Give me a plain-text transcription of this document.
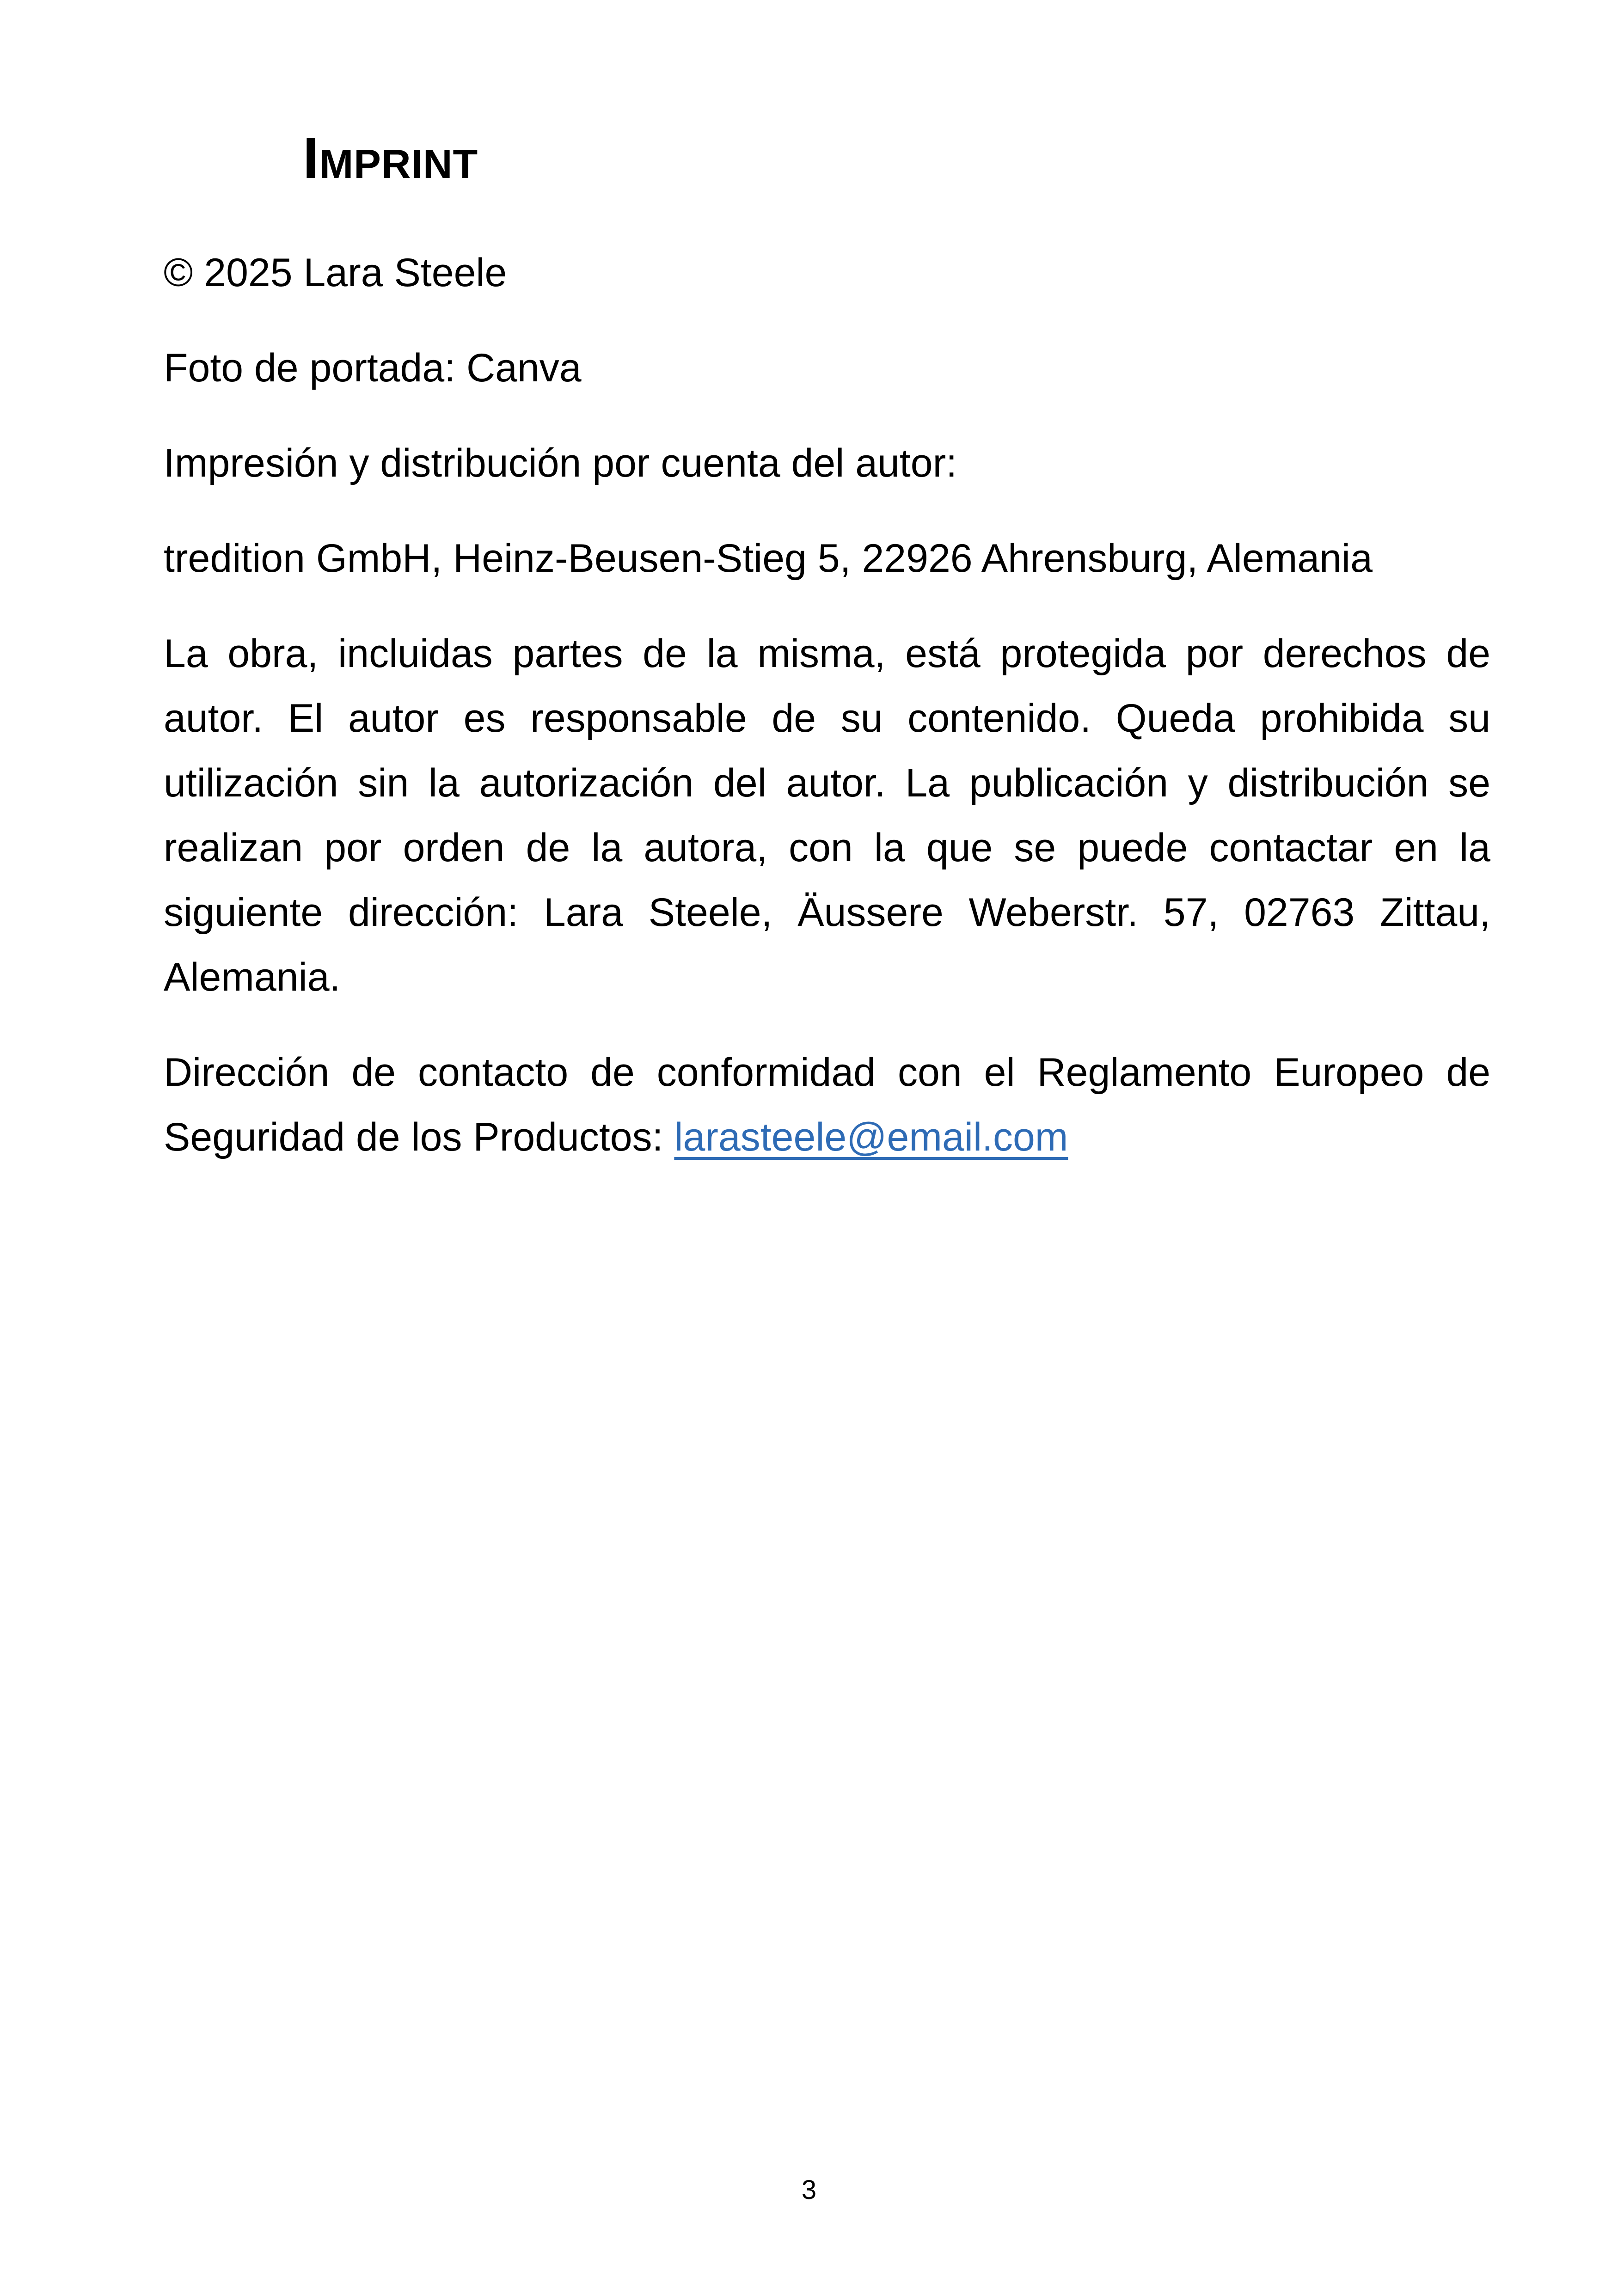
Imprint

© 2025 Lara Steele

Foto de portada: Canva

Impresión y distribución por cuenta del autor:

tredition GmbH, Heinz-Beusen-Stieg 5, 22926 Ahrensburg, Alemania

La obra, incluidas partes de la misma, está protegida por derechos de autor. El autor es responsable de su contenido. Queda prohibida su utilización sin la autorización del autor. La publicación y distribución se realizan por orden de la autora, con la que se puede contactar en la siguiente dirección: Lara Steele, Äussere Weberstr. 57, 02763 Zittau, Alemania.

Dirección de contacto de conformidad con el Reglamento Europeo de Seguridad de los Productos: larasteele@email.com

3
